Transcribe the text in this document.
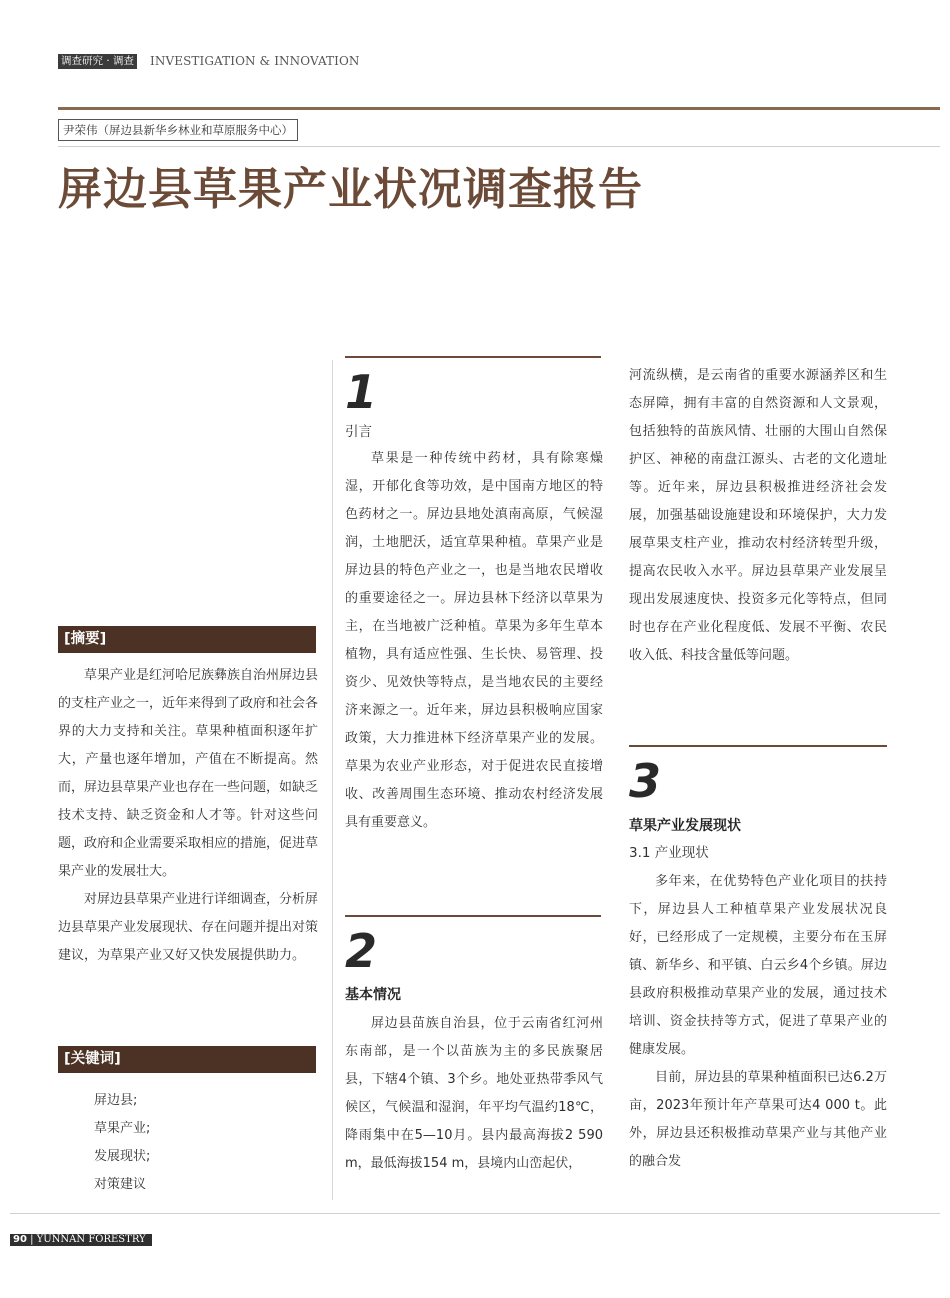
调查研究 · 调查 INVESTIGATION & INNOVATION
尹荣伟（屏边县新华乡林业和草原服务中心）
屏边县草果产业状况调查报告
[摘要]

草果产业是红河哈尼族彝族自治州屏边县的支柱产业之一，近年来得到了政府和社会各界的大力支持和关注。草果种植面积逐年扩大，产量也逐年增加，产值在不断提高。然而，屏边县草果产业也存在一些问题，如缺乏技术支持、缺乏资金和人才等。针对这些问题，政府和企业需要采取相应的措施，促进草果产业的发展壮大。

对屏边县草果产业进行详细调查，分析屏边县草果产业发展现状、存在问题并提出对策建议，为草果产业又好又快发展提供助力。

[关键词]
屏边县;
草果产业;
发展现状;
对策建议
1
引言

草果是一种传统中药材，具有除寒燥湿，开郁化食等功效，是中国南方地区的特色药材之一。屏边县地处滇南高原，气候湿润，土地肥沃，适宜草果种植。草果产业是屏边县的特色产业之一，也是当地农民增收的重要途径之一。屏边县林下经济以草果为主，在当地被广泛种植。草果为多年生草本植物，具有适应性强、生长快、易管理、投资少、见效快等特点，是当地农民的主要经济来源之一。近年来，屏边县积极响应国家政策，大力推进林下经济草果产业的发展。草果为农业产业形态，对于促进农民直接增收、改善周围生态环境、推动农村经济发展具有重要意义。

2
基本情况

屏边县苗族自治县，位于云南省红河州东南部，是一个以苗族为主的多民族聚居县，下辖4个镇、3个乡。地处亚热带季风气候区，气候温和湿润，年平均气温约18℃，降雨集中在5—10月。县内最高海拔2 590 m，最低海拔154 m，县境内山峦起伏，

河流纵横，是云南省的重要水源涵养区和生态屏障，拥有丰富的自然资源和人文景观，包括独特的苗族风情、壮丽的大围山自然保护区、神秘的南盘江源头、古老的文化遗址等。近年来，屏边县积极推进经济社会发展，加强基础设施建设和环境保护，大力发展草果支柱产业，推动农村经济转型升级，提高农民收入水平。屏边县草果产业发展呈现出发展速度快、投资多元化等特点，但同时也存在产业化程度低、发展不平衡、农民收入低、科技含量低等问题。

3
草果产业发展现状
3.1 产业现状

多年来，在优势特色产业化项目的扶持下，屏边县人工种植草果产业发展状况良好，已经形成了一定规模，主要分布在玉屏镇、新华乡、和平镇、白云乡4个乡镇。屏边县政府积极推动草果产业的发展，通过技术培训、资金扶持等方式，促进了草果产业的健康发展。

目前，屏边县的草果种植面积已达6.2万亩，2023年预计年产草果可达4 000 t。此外，屏边县还积极推动草果产业与其他产业的融合发

90 | YUNNAN FORESTRY
